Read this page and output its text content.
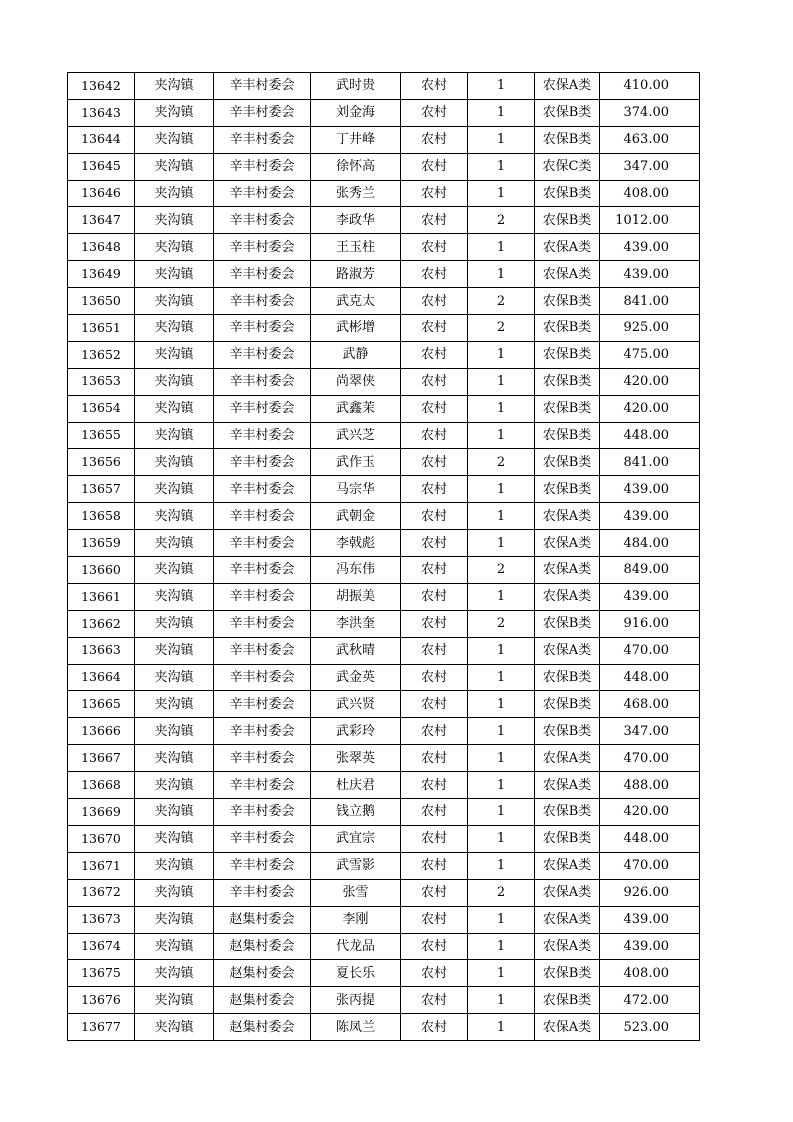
13642	夹沟镇	辛丰村委会	武时贵	农村	1	农保A类	410.00
13643	夹沟镇	辛丰村委会	刘金海	农村	1	农保B类	374.00
13644	夹沟镇	辛丰村委会	丁井峰	农村	1	农保B类	463.00
13645	夹沟镇	辛丰村委会	徐怀高	农村	1	农保C类	347.00
13646	夹沟镇	辛丰村委会	张秀兰	农村	1	农保B类	408.00
13647	夹沟镇	辛丰村委会	李政华	农村	2	农保B类	1012.00
13648	夹沟镇	辛丰村委会	王玉柱	农村	1	农保A类	439.00
13649	夹沟镇	辛丰村委会	路淑芳	农村	1	农保A类	439.00
13650	夹沟镇	辛丰村委会	武克太	农村	2	农保B类	841.00
13651	夹沟镇	辛丰村委会	武彬增	农村	2	农保B类	925.00
13652	夹沟镇	辛丰村委会	武静	农村	1	农保B类	475.00
13653	夹沟镇	辛丰村委会	尚翠侠	农村	1	农保B类	420.00
13654	夹沟镇	辛丰村委会	武鑫茉	农村	1	农保B类	420.00
13655	夹沟镇	辛丰村委会	武兴芝	农村	1	农保B类	448.00
13656	夹沟镇	辛丰村委会	武作玉	农村	2	农保B类	841.00
13657	夹沟镇	辛丰村委会	马宗华	农村	1	农保B类	439.00
13658	夹沟镇	辛丰村委会	武朝金	农村	1	农保A类	439.00
13659	夹沟镇	辛丰村委会	李戟彪	农村	1	农保A类	484.00
13660	夹沟镇	辛丰村委会	冯东伟	农村	2	农保A类	849.00
13661	夹沟镇	辛丰村委会	胡振美	农村	1	农保A类	439.00
13662	夹沟镇	辛丰村委会	李洪奎	农村	2	农保B类	916.00
13663	夹沟镇	辛丰村委会	武秋晴	农村	1	农保A类	470.00
13664	夹沟镇	辛丰村委会	武金英	农村	1	农保B类	448.00
13665	夹沟镇	辛丰村委会	武兴贤	农村	1	农保B类	468.00
13666	夹沟镇	辛丰村委会	武彩玲	农村	1	农保B类	347.00
13667	夹沟镇	辛丰村委会	张翠英	农村	1	农保A类	470.00
13668	夹沟镇	辛丰村委会	杜庆君	农村	1	农保A类	488.00
13669	夹沟镇	辛丰村委会	钱立鹅	农村	1	农保B类	420.00
13670	夹沟镇	辛丰村委会	武宜宗	农村	1	农保B类	448.00
13671	夹沟镇	辛丰村委会	武雪影	农村	1	农保A类	470.00
13672	夹沟镇	辛丰村委会	张雪	农村	2	农保A类	926.00
13673	夹沟镇	赵集村委会	李刚	农村	1	农保A类	439.00
13674	夹沟镇	赵集村委会	代龙品	农村	1	农保A类	439.00
13675	夹沟镇	赵集村委会	夏长乐	农村	1	农保B类	408.00
13676	夹沟镇	赵集村委会	张丙提	农村	1	农保B类	472.00
13677	夹沟镇	赵集村委会	陈凤兰	农村	1	农保A类	523.00
